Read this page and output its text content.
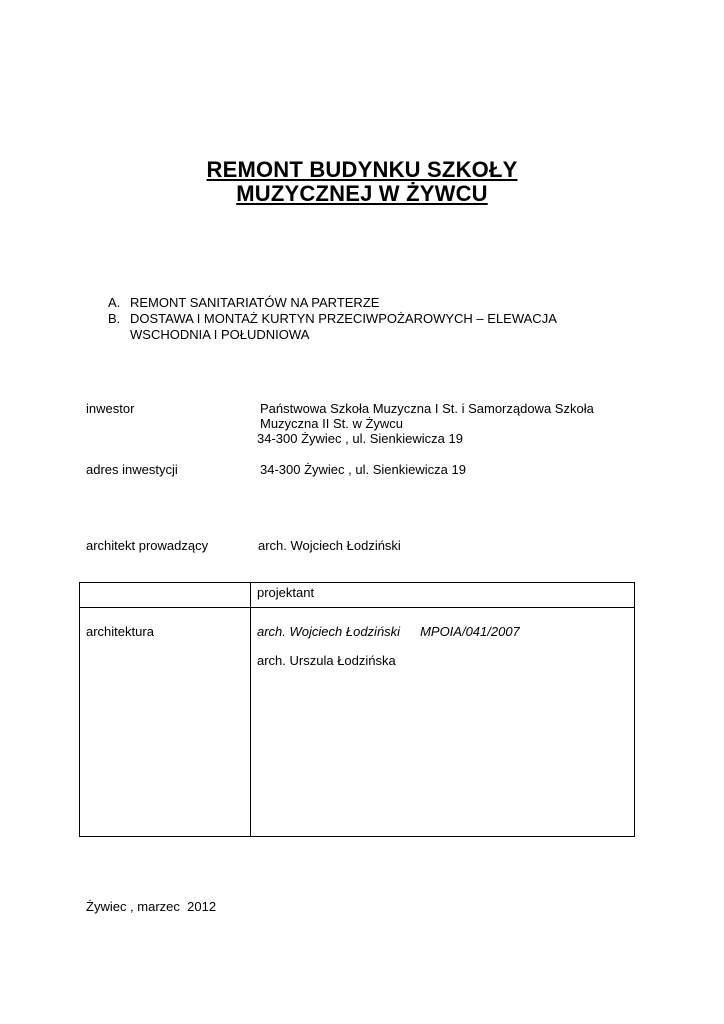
REMONT BUDYNKU SZKOŁY
MUZYCZNEJ W ŻYWCU
A. REMONT SANITARIATÓW NA PARTERZE
B. DOSTAWA I MONTAŻ KURTYN PRZECIWPOŻAROWYCH – ELEWACJA
WSCHODNIA I POŁUDNIOWA
inwestor	Państwowa Szkoła Muzyczna I St. i Samorządowa Szkoła
Muzyczna II St. w Żywcu
34-300 Żywiec , ul. Sienkiewicza 19
adres inwestycji	34-300 Żywiec , ul. Sienkiewicza 19
architekt prowadzący	arch. Wojciech Łodziński

	projektant

architektura	arch. Wojciech Łodziński MPOIA/041/2007
arch. Urszula Łodzińska
Żywiec , marzec  2012
